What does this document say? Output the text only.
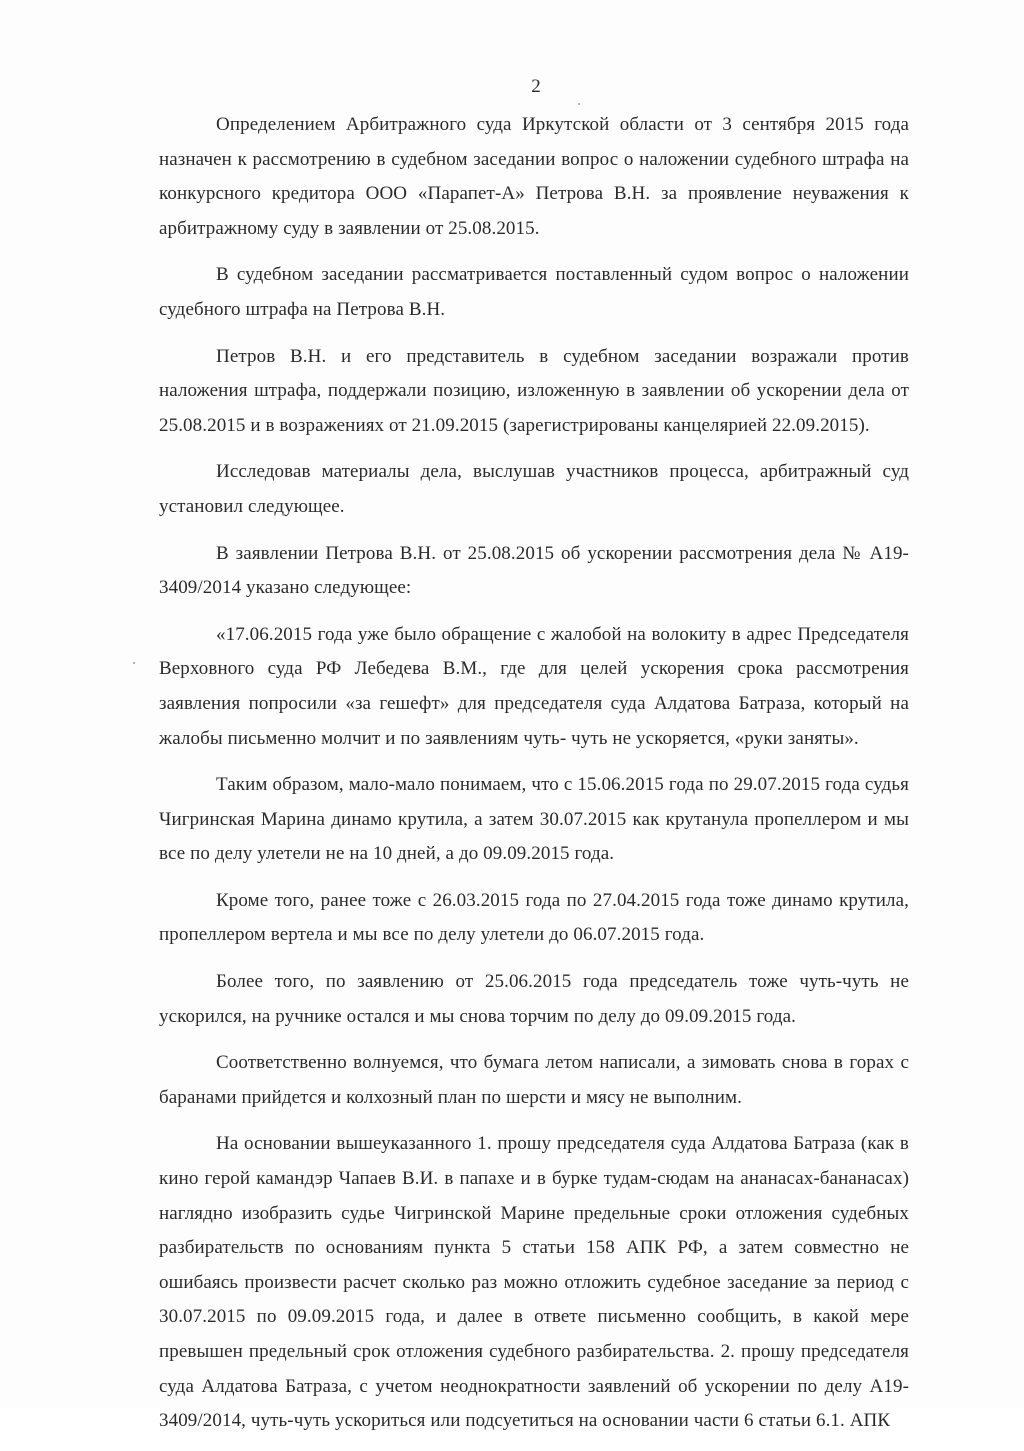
2

Определением Арбитражного суда Иркутской области от 3 сентября 2015 года назначен к рассмотрению в судебном заседании вопрос о наложении судебного штрафа на конкурсного кредитора ООО «Парапет-А» Петрова В.Н. за проявление неуважения к арбитражному суду в заявлении от 25.08.2015.

В судебном заседании рассматривается поставленный судом вопрос о наложении судебного штрафа на Петрова В.Н.

Петров В.Н. и его представитель в судебном заседании возражали против наложения штрафа, поддержали позицию, изложенную в заявлении об ускорении дела от 25.08.2015 и в возражениях от 21.09.2015 (зарегистрированы канцелярией 22.09.2015).

Исследовав материалы дела, выслушав участников процесса, арбитражный суд установил следующее.

В заявлении Петрова В.Н. от 25.08.2015 об ускорении рассмотрения дела № А19-3409/2014 указано следующее:

«17.06.2015 года уже было обращение с жалобой на волокиту в адрес Председателя Верховного суда РФ Лебедева В.М., где для целей ускорения срока рассмотрения заявления попросили «за гешефт» для председателя суда Алдатова Батраза, который на жалобы письменно молчит и по заявлениям чуть- чуть не ускоряется, «руки заняты».

Таким образом, мало-мало понимаем, что с 15.06.2015 года по 29.07.2015 года судья Чигринская Марина динамо крутила, а затем 30.07.2015 как крутанула пропеллером и мы все по делу улетели не на 10 дней, а до 09.09.2015 года.

Кроме того, ранее тоже с 26.03.2015 года по 27.04.2015 года тоже динамо крутила, пропеллером вертела и мы все по делу улетели до 06.07.2015 года.

Более того, по заявлению от 25.06.2015 года председатель тоже чуть-чуть не ускорился, на ручнике остался и мы снова торчим по делу до 09.09.2015 года.

Соответственно волнуемся, что бумага летом написали, а зимовать снова в горах с баранами прийдется и колхозный план по шерсти и мясу не выполним.

На основании вышеуказанного 1. прошу председателя суда Алдатова Батраза (как в кино герой камандэр Чапаев В.И. в папахе и в бурке тудам-сюдам на ананасах-бананасах) наглядно изобразить судье Чигринской Марине предельные сроки отложения судебных разбирательств по основаниям пункта 5 статьи 158 АПК РФ, а затем совместно не ошибаясь произвести расчет сколько раз можно отложить судебное заседание за период с 30.07.2015 по 09.09.2015 года, и далее в ответе письменно сообщить, в какой мере превышен предельный срок отложения судебного разбирательства. 2. прошу председателя суда Алдатова Батраза, с учетом неоднократности заявлений об ускорении по делу А19-3409/2014, чуть-чуть ускориться или подсуетиться на основании части 6 статьи 6.1. АПК
